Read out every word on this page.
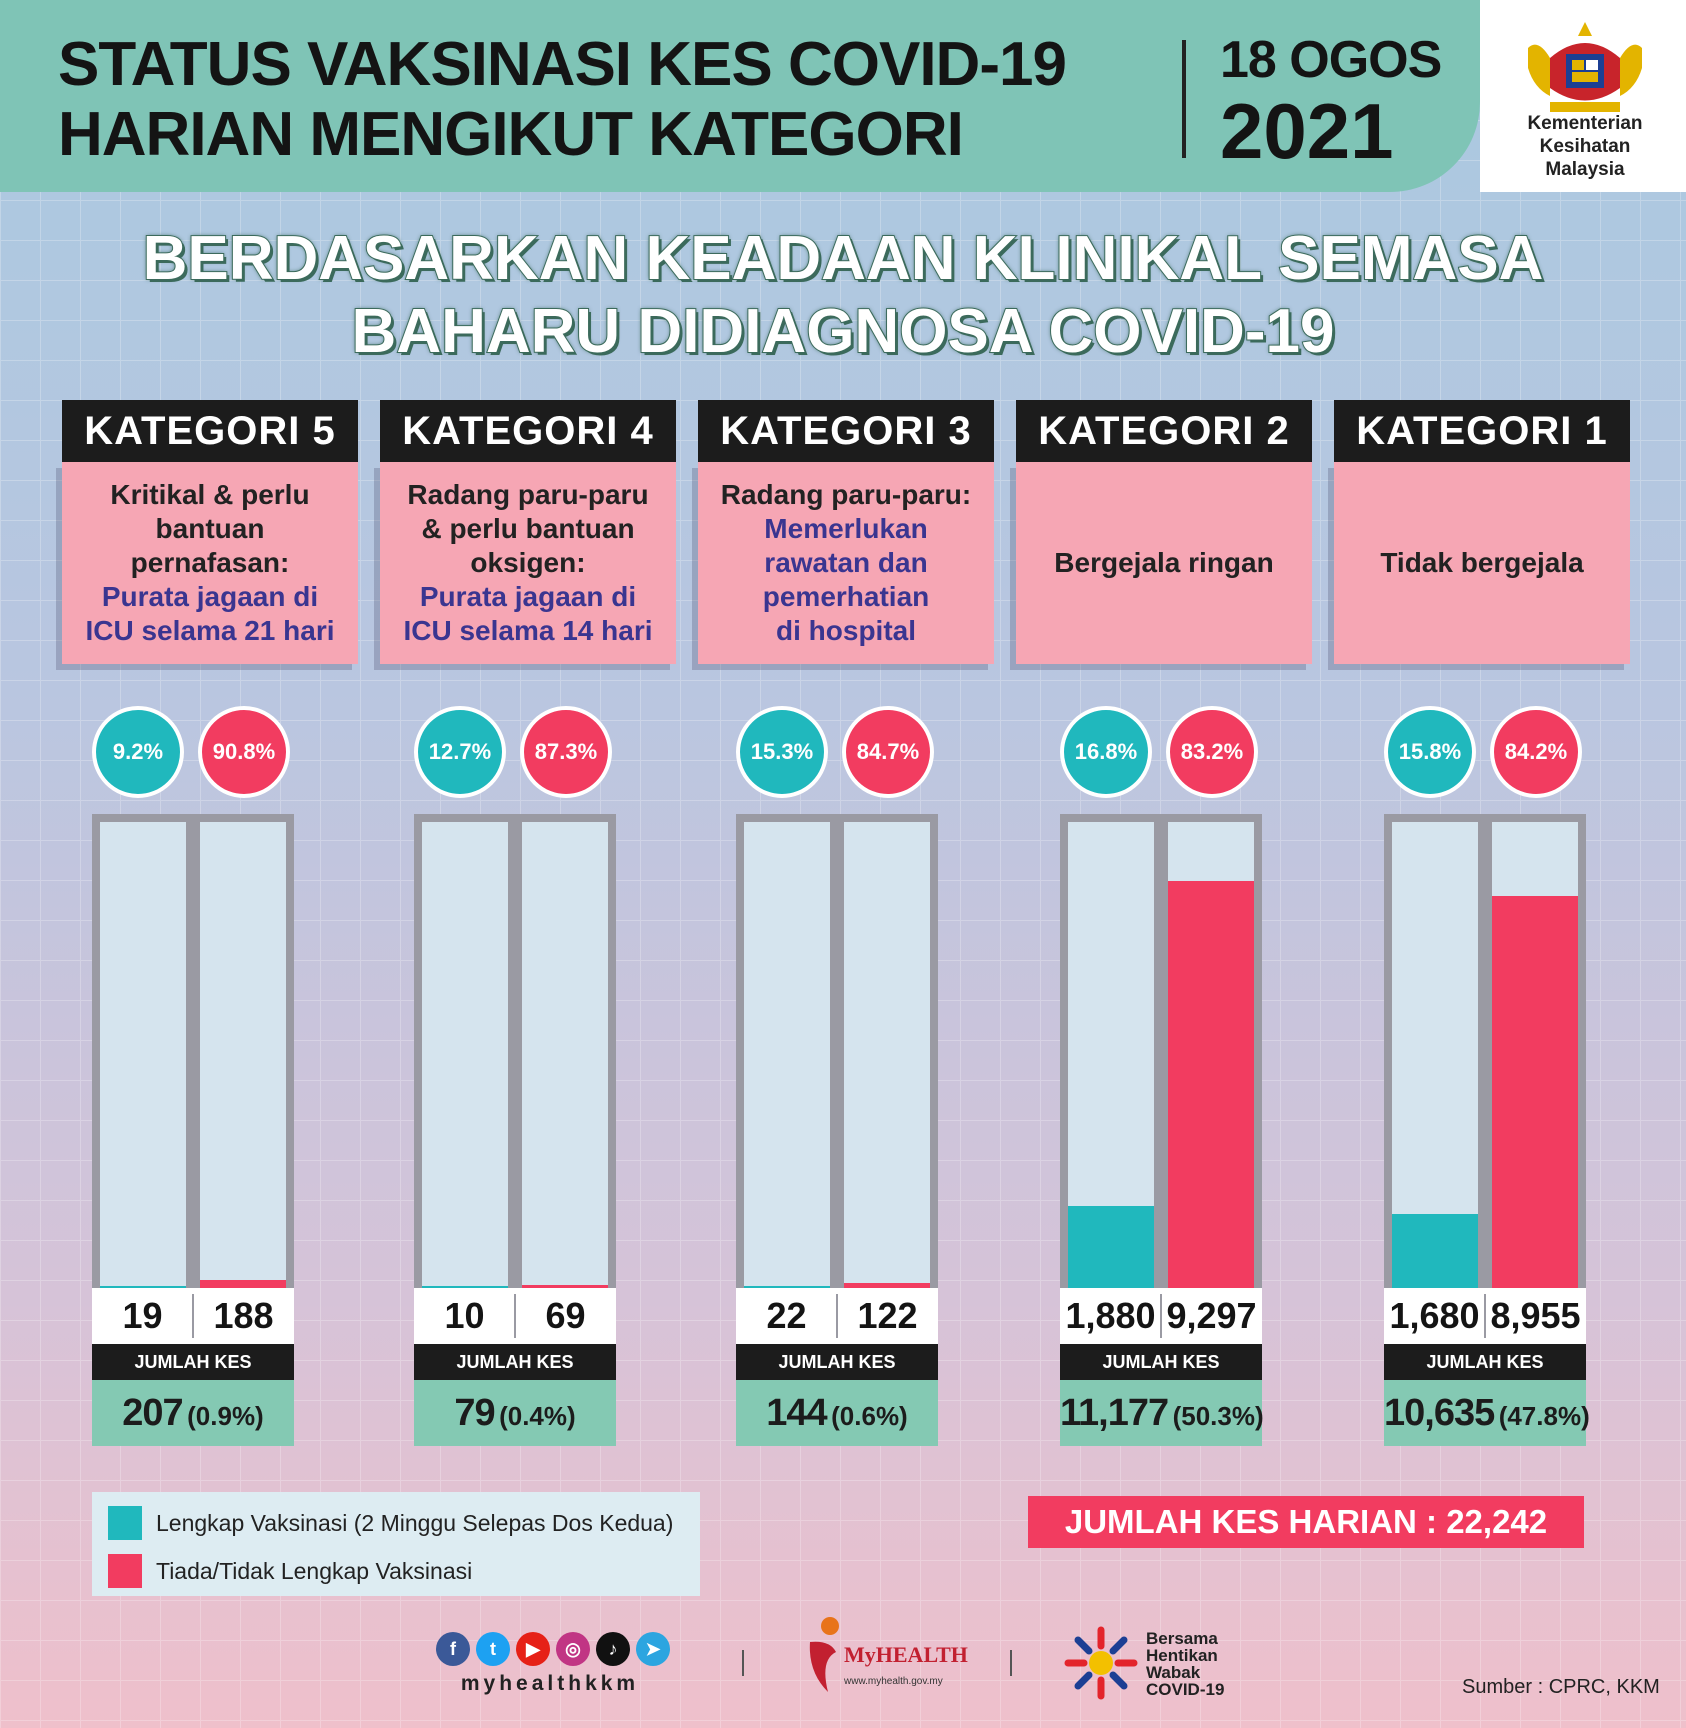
STATUS VAKSINASI KES COVID-19
HARIAN MENGIKUT KATEGORI
18 OGOS
2021	Kementerian
Kesihatan
Malaysia
BERDASARKAN KEADAAN KLINIKAL SEMASA
BAHARU DIDIAGNOSA COVID-19
KATEGORI 5
Kritikal & perlu
bantuan
pernafasan:
Purata jagaan di
ICU selama 21 hari
9.2%	90.8%
19	188
JUMLAH KES
207 (0.9%)
KATEGORI 4
Radang paru-paru
& perlu bantuan
oksigen:
Purata jagaan di
ICU selama 14 hari
12.7%	87.3%
10	69
JUMLAH KES
79 (0.4%)
KATEGORI 3
Radang paru-paru:
Memerlukan
rawatan dan
pemerhatian
di hospital
15.3%	84.7%
22	122
JUMLAH KES
144 (0.6%)
KATEGORI 2
Bergejala ringan
16.8%	83.2%
1,880 9,297
JUMLAH KES
11,177 (50.3%)
KATEGORI 1
Tidak bergejala
15.8%	84.2%
1,680 8,955
JUMLAH KES
10,635 (47.8%)
Lengkap Vaksinasi (2 Minggu Selepas Dos Kedua)
Tiada/Tidak Lengkap Vaksinasi
JUMLAH KES HARIAN : 22,242
f	t	▶	◎	♪	➤
myhealthkkm
MyHEALTH
www.myhealth.gov.my
Bersama
Hentikan
Wabak
COVID-19	Sumber : CPRC, KKM
